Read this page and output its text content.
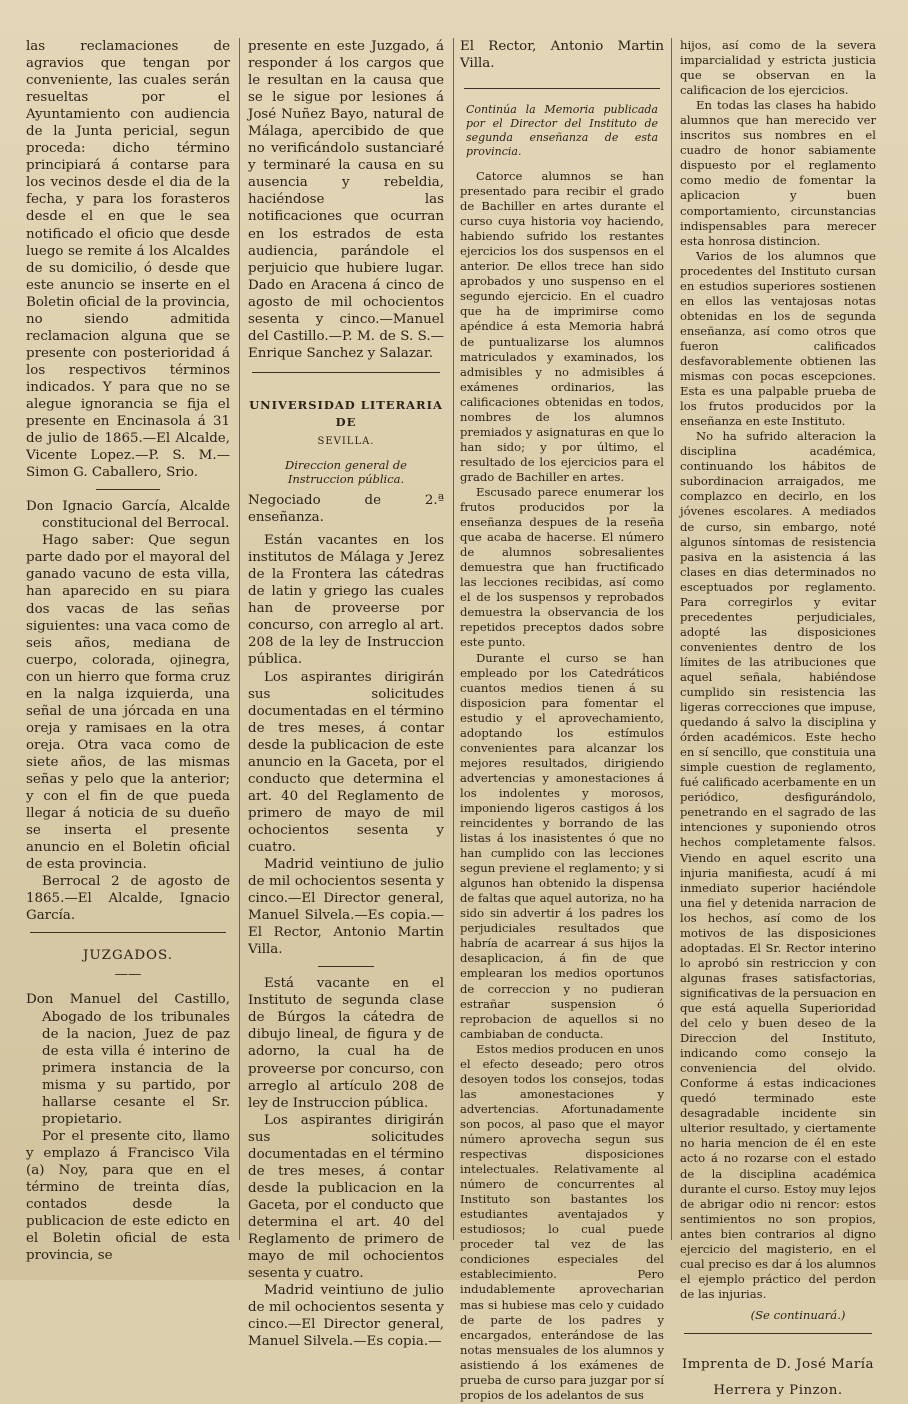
las reclamaciones de agravios que tengan por conveniente, las cuales serán resueltas por el Ayuntamiento con audiencia de la Junta pericial, segun proceda: dicho término principiará á contarse para los vecinos desde el dia de la fecha, y para los forasteros desde el en que le sea notificado el oficio que desde luego se remite á los Alcaldes de su domicilio, ó desde que este anuncio se inserte en el Boletin oficial de la provincia, no siendo admitida reclamacion alguna que se presente con posterioridad á los respectivos términos indicados. Y para que no se alegue ignorancia se fija el presente en Encinasola á 31 de julio de 1865.—El Alcalde, Vicente Lopez.—P. S. M.—Simon G. Caballero, Srio.

Don Ignacio García, Alcalde constitucional del Berrocal.

Hago saber: Que segun parte dado por el mayoral del ganado vacuno de esta villa, han aparecido en su piara dos vacas de las señas siguientes: una vaca como de seis años, mediana de cuerpo, colorada, ojinegra, con un hierro que forma cruz en la nalga izquierda, una señal de una jórcada en una oreja y ramisaes en la otra oreja. Otra vaca como de siete años, de las mismas señas y pelo que la anterior; y con el fin de que pueda llegar á noticia de su dueño se inserta el presente anuncio en el Boletin oficial de esta provincia.

Berrocal 2 de agosto de 1865.—El Alcalde, Ignacio García.

JUZGADOS.

——

Don Manuel del Castillo, Abogado de los tribunales de la nacion, Juez de paz de esta villa é interino de primera instancia de la misma y su partido, por hallarse cesante el Sr. propietario.

Por el presente cito, llamo y emplazo á Francisco Vila (a) Noy, para que en el término de treinta días, contados desde la publicacion de este edicto en el Boletin oficial de esta provincia, se

presente en este Juzgado, á responder á los cargos que le resultan en la causa que se le sigue por lesiones á José Nuñez Bayo, natural de Málaga, apercibido de que no verificándolo sustanciaré y terminaré la causa en su ausencia y rebeldia, haciéndose las notificaciones que ocurran en los estrados de esta audiencia, parándole el perjuicio que hubiere lugar. Dado en Aracena á cinco de agosto de mil ochocientos sesenta y cinco.—Manuel del Castillo.—P. M. de S. S.—Enrique Sanchez y Salazar.

UNIVERSIDAD LITERARIA DE

SEVILLA.

Direccion general de Instruccion pública.

Negociado de 2.ª enseñanza.

Están vacantes en los institutos de Málaga y Jerez de la Frontera las cátedras de latin y griego las cuales han de proveerse por concurso, con arreglo al art. 208 de la ley de Instruccion pública.

Los aspirantes dirigirán sus solicitudes documentadas en el término de tres meses, á contar desde la publicacion de este anuncio en la Gaceta, por el conducto que determina el art. 40 del Reglamento de primero de mayo de mil ochocientos sesenta y cuatro.

Madrid veintiuno de julio de mil ochocientos sesenta y cinco.—El Director general, Manuel Silvela.—Es copia.—El Rector, Antonio Martin Villa.

Está vacante en el Instituto de segunda clase de Búrgos la cátedra de dibujo lineal, de figura y de adorno, la cual ha de proveerse por concurso, con arreglo al artículo 208 de ley de Instruccion pública.

Los aspirantes dirigirán sus solicitudes documentadas en el término de tres meses, á contar desde la publicacion en la Gaceta, por el conducto que determina el art. 40 del Reglamento de primero de mayo de mil ochocientos sesenta y cuatro.

Madrid veintiuno de julio de mil ochocientos sesenta y cinco.—El Director general, Manuel Silvela.—Es copia.—

El Rector, Antonio Martin Villa.

Continúa la Memoria publicada por el Director del Instituto de segunda enseñanza de esta provincia.

Catorce alumnos se han presentado para recibir el grado de Bachiller en artes durante el curso cuya historia voy haciendo, habiendo sufrido los restantes ejercicios los dos suspensos en el anterior. De ellos trece han sido aprobados y uno suspenso en el segundo ejercicio. En el cuadro que ha de imprimirse como apéndice á esta Memoria habrá de puntualizarse los alumnos matriculados y examinados, los admisibles y no admisibles á exámenes ordinarios, las calificaciones obtenidas en todos, nombres de los alumnos premiados y asignaturas en que lo han sido; y por último, el resultado de los ejercicios para el grado de Bachiller en artes.

Escusado parece enumerar los frutos producidos por la enseñanza despues de la reseña que acaba de hacerse. El número de alumnos sobresalientes demuestra que han fructificado las lecciones recibidas, así como el de los suspensos y reprobados demuestra la observancia de los repetidos preceptos dados sobre este punto.

Durante el curso se han empleado por los Catedráticos cuantos medios tienen á su disposicion para fomentar el estudio y el aprovechamiento, adoptando los estímulos convenientes para alcanzar los mejores resultados, dirigiendo advertencias y amonestaciones á los indolentes y morosos, imponiendo ligeros castigos á los reincidentes y borrando de las listas á los inasistentes ó que no han cumplido con las lecciones segun previene el reglamento; y si algunos han obtenido la dispensa de faltas que aquel autoriza, no ha sido sin advertir á los padres los perjudiciales resultados que habría de acarrear á sus hijos la desaplicacion, á fin de que emplearan los medios oportunos de correccion y no pudieran estrañar suspension ó reprobacion de aquellos si no cambiaban de conducta.

Estos medios producen en unos el efecto deseado; pero otros desoyen todos los consejos, todas las amonestaciones y advertencias. Afortunadamente son pocos, al paso que el mayor número aprovecha segun sus respectivas disposiciones intelectuales. Relativamente al número de concurrentes al Instituto son bastantes los estudiantes aventajados y estudiosos; lo cual puede proceder tal vez de las condiciones especiales del establecimiento. Pero indudablemente aprovecharian mas si hubiese mas celo y cuidado de parte de los padres y encargados, enterándose de las notas mensuales de los alumnos y asistiendo á los exámenes de prueba de curso para juzgar por sí propios de los adelantos de sus

hijos, así como de la severa imparcialidad y estricta justicia que se observan en la calificacion de los ejercicios.

En todas las clases ha habido alumnos que han merecido ver inscritos sus nombres en el cuadro de honor sabiamente dispuesto por el reglamento como medio de fomentar la aplicacion y buen comportamiento, circunstancias indispensables para merecer esta honrosa distincion.

Varios de los alumnos que procedentes del Instituto cursan en estudios superiores sostienen en ellos las ventajosas notas obtenidas en los de segunda enseñanza, así como otros que fueron calificados desfavorablemente obtienen las mismas con pocas escepciones. Esta es una palpable prueba de los frutos producidos por la enseñanza en este Instituto.

No ha sufrido alteracion la disciplina académica, continuando los hábitos de subordinacion arraigados, me complazco en decirlo, en los jóvenes escolares. A mediados de curso, sin embargo, noté algunos síntomas de resistencia pasiva en la asistencia á las clases en dias determinados no esceptuados por reglamento. Para corregirlos y evitar precedentes perjudiciales, adopté las disposiciones convenientes dentro de los límites de las atribuciones que aquel señala, habiéndose cumplido sin resistencia las ligeras correcciones que impuse, quedando á salvo la disciplina y órden académicos. Este hecho en sí sencillo, que constituia una simple cuestion de reglamento, fué calificado acerbamente en un periódico, desfigurándolo, penetrando en el sagrado de las intenciones y suponiendo otros hechos completamente falsos. Viendo en aquel escrito una injuria manifiesta, acudí á mi inmediato superior haciéndole una fiel y detenida narracion de los hechos, así como de los motivos de las disposiciones adoptadas. El Sr. Rector interino lo aprobó sin restriccion y con algunas frases satisfactorias, significativas de la persuacion en que está aquella Superioridad del celo y buen deseo de la Direccion del Instituto, indicando como consejo la conveniencia del olvido. Conforme á estas indicaciones quedó terminado este desagradable incidente sin ulterior resultado, y ciertamente no haria mencion de él en este acto á no rozarse con el estado de la disciplina académica durante el curso. Estoy muy lejos de abrigar odio ni rencor: estos sentimientos no son propios, antes bien contrarios al digno ejercicio del magisterio, en el cual preciso es dar á los alumnos el ejemplo práctico del perdon de las injurias.

(Se continuará.)

Imprenta de D. José María

Herrera y Pinzon.
